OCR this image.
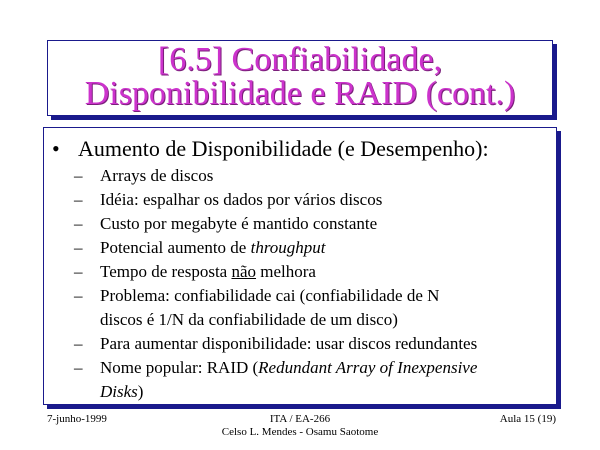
[6.5] Confiabilidade,
Disponibilidade e RAID (cont.)
• Aumento de Disponibilidade (e Desempenho):
– Arrays de discos
– Idéia: espalhar os dados por vários discos
– Custo por megabyte é mantido constante
– Potencial aumento de throughput
– Tempo de resposta não melhora
– Problema: confiabilidade cai (confiabilidade de N
discos é 1/N da confiabilidade de um disco)
– Para aumentar disponibilidade: usar discos redundantes
– Nome popular: RAID (Redundant Array of Inexpensive
Disks)
7-junho-1999	ITA / EA-266
Celso L. Mendes - Osamu Saotome
Aula 15 (19)
